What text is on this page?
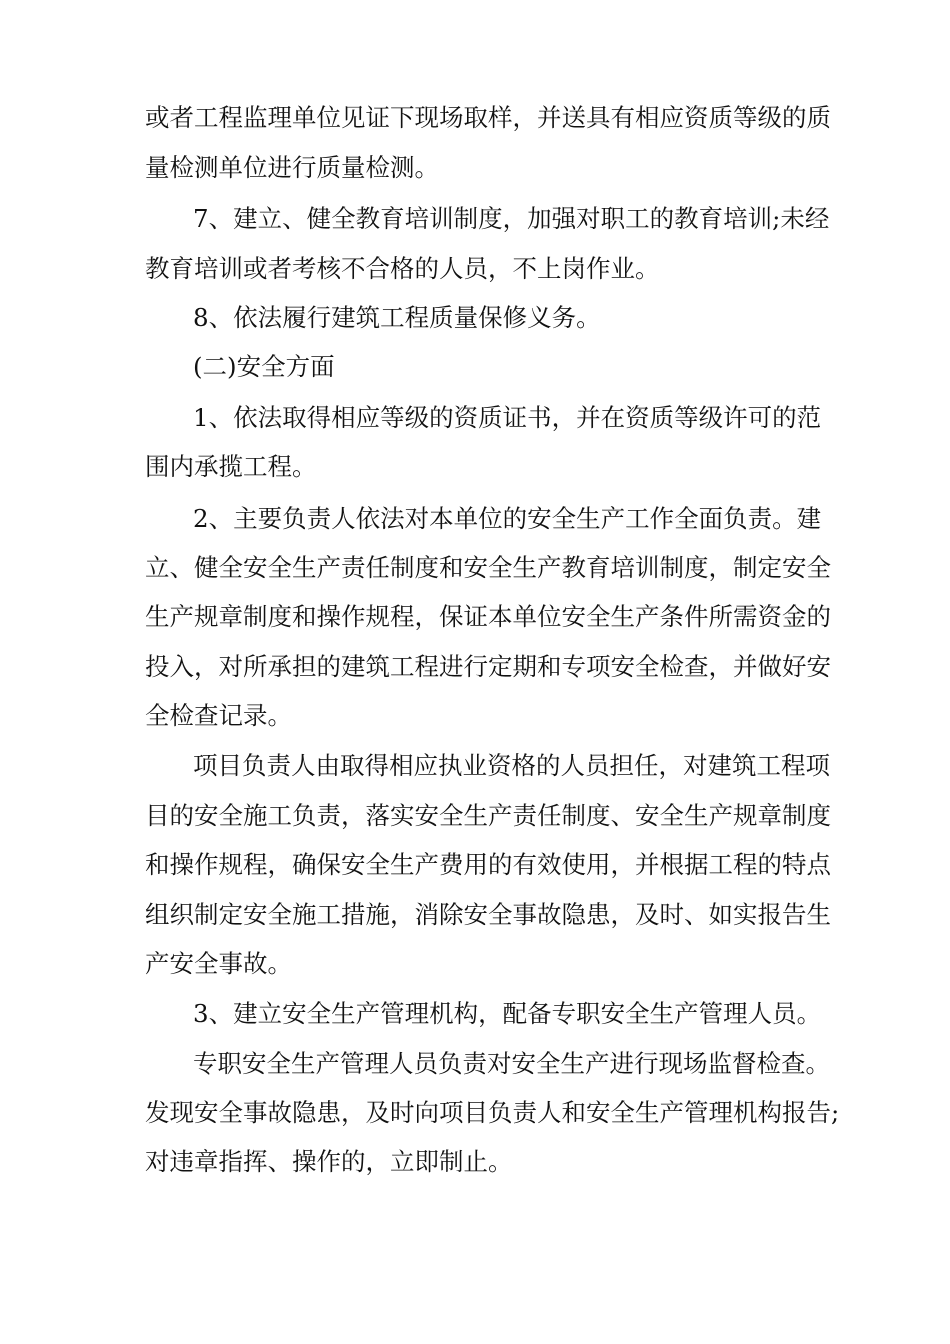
或者工程监理单位见证下现场取样，并送具有相应资质等级的质
量检测单位进行质量检测。
7、建立、健全教育培训制度，加强对职工的教育培训;未经
教育培训或者考核不合格的人员，不上岗作业。
8、依法履行建筑工程质量保修义务。
(二)安全方面
1、依法取得相应等级的资质证书，并在资质等级许可的范
围内承揽工程。
2、主要负责人依法对本单位的安全生产工作全面负责。建
立、健全安全生产责任制度和安全生产教育培训制度，制定安全
生产规章制度和操作规程，保证本单位安全生产条件所需资金的
投入，对所承担的建筑工程进行定期和专项安全检查，并做好安
全检查记录。
项目负责人由取得相应执业资格的人员担任，对建筑工程项
目的安全施工负责，落实安全生产责任制度、安全生产规章制度
和操作规程，确保安全生产费用的有效使用，并根据工程的特点
组织制定安全施工措施，消除安全事故隐患，及时、如实报告生
产安全事故。
3、建立安全生产管理机构，配备专职安全生产管理人员。
专职安全生产管理人员负责对安全生产进行现场监督检查。
发现安全事故隐患，及时向项目负责人和安全生产管理机构报告;
对违章指挥、操作的，立即制止。
